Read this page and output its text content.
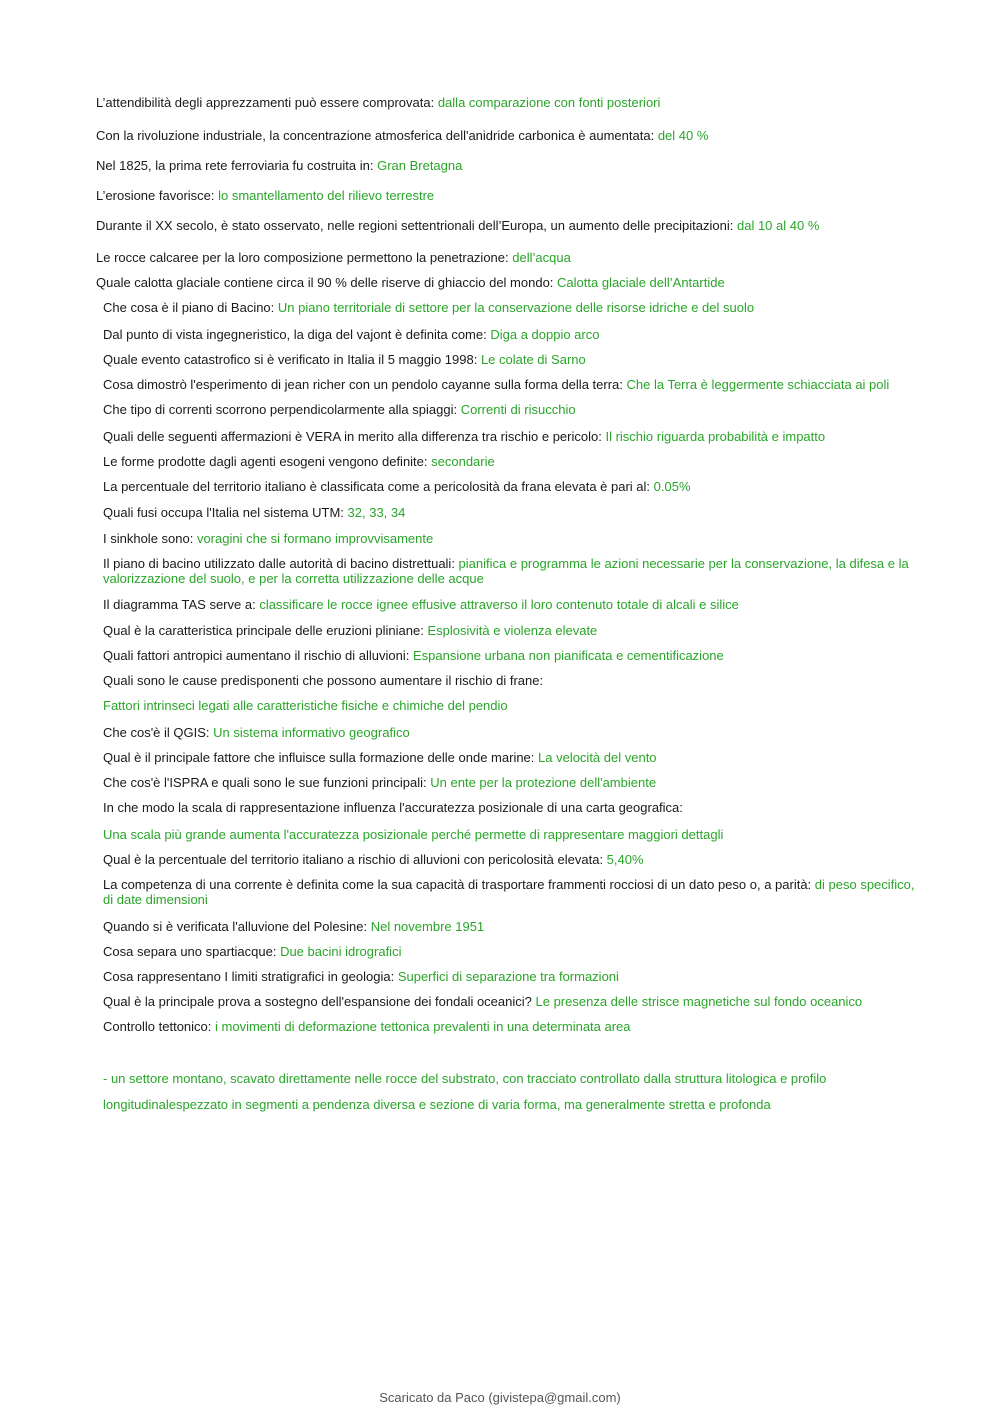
L’attendibilità degli apprezzamenti può essere comprovata: dalla comparazione con fonti posteriori
Con la rivoluzione industriale, la concentrazione atmosferica dell'anidride carbonica è aumentata: del 40 %
Nel 1825, la prima rete ferroviaria fu costruita in: Gran Bretagna
L’erosione favorisce: lo smantellamento del rilievo terrestre
Durante il XX secolo, è stato osservato, nelle regioni settentrionali dell’Europa, un aumento delle precipitazioni: dal 10 al 40 %
Le rocce calcaree per la loro composizione permettono la penetrazione: dell’acqua
Quale calotta glaciale contiene circa il 90 % delle riserve di ghiaccio del mondo: Calotta glaciale dell’Antartide
Che cosa è il piano di Bacino: Un piano territoriale di settore per la conservazione delle risorse idriche e del suolo
Dal punto di vista ingegneristico, la diga del vajont è definita come: Diga a doppio arco
Quale evento catastrofico si è verificato in Italia il 5 maggio 1998: Le colate di Sarno
Cosa dimostrò l'esperimento di jean richer con un pendolo cayanne sulla forma della terra: Che la Terra è leggermente schiacciata ai poli
Che tipo di correnti scorrono perpendicolarmente alla spiaggi: Correnti di risucchio
Quali delle seguenti affermazioni è VERA in merito alla differenza tra rischio e pericolo: Il rischio riguarda probabilità e impatto
Le forme prodotte dagli agenti esogeni vengono definite: secondarie
La percentuale del territorio italiano è classificata come a pericolosità da frana elevata è pari al: 0.05%
Quali fusi occupa l'Italia nel sistema UTM: 32, 33, 34
I sinkhole sono: voragini che si formano improvvisamente
Il piano di bacino utilizzato dalle autorità di bacino distrettuali: pianifica e programma le azioni necessarie per la conservazione, la difesa e la valorizzazione del suolo, e per la corretta utilizzazione delle acque
Il diagramma TAS serve a: classificare le rocce ignee effusive attraverso il loro contenuto totale di alcali e silice
Qual è la caratteristica principale delle eruzioni pliniane: Esplosività e violenza elevate
Quali fattori antropici aumentano il rischio di alluvioni: Espansione urbana non pianificata e cementificazione
Quali sono le cause predisponenti che possono aumentare il rischio di frane:
Fattori intrinseci legati alle caratteristiche fisiche e chimiche del pendio
Che cos'è il QGIS: Un sistema informativo geografico
Qual è il principale fattore che influisce sulla formazione delle onde marine: La velocità del vento
Che cos'è l'ISPRA e quali sono le sue funzioni principali: Un ente per la protezione dell'ambiente
In che modo la scala di rappresentazione influenza l'accuratezza posizionale di una carta geografica:
Una scala più grande aumenta l'accuratezza posizionale perché permette di rappresentare maggiori dettagli
Qual è la percentuale del territorio italiano a rischio di alluvioni con pericolosità elevata: 5,40%
La competenza di una corrente è definita come la sua capacità di trasportare frammenti rocciosi di un dato peso o, a parità: di peso specifico, di date dimensioni
Quando si è verificata l'alluvione del Polesine: Nel novembre 1951
Cosa separa uno spartiacque: Due bacini idrografici
Cosa rappresentano I limiti stratigrafici in geologia: Superfici di separazione tra formazioni
Qual è la principale prova a sostegno dell'espansione dei fondali oceanici? Le presenza delle strisce magnetiche sul fondo oceanico
Controllo tettonico: i movimenti di deformazione tettonica prevalenti in una determinata area
- un settore montano, scavato direttamente nelle rocce del substrato, con tracciato controllato dalla struttura litologica e profilo
longitudinalespezzato in segmenti a pendenza diversa e sezione di varia forma, ma generalmente stretta e profonda
Scaricato da Paco (givistepa@gmail.com)
